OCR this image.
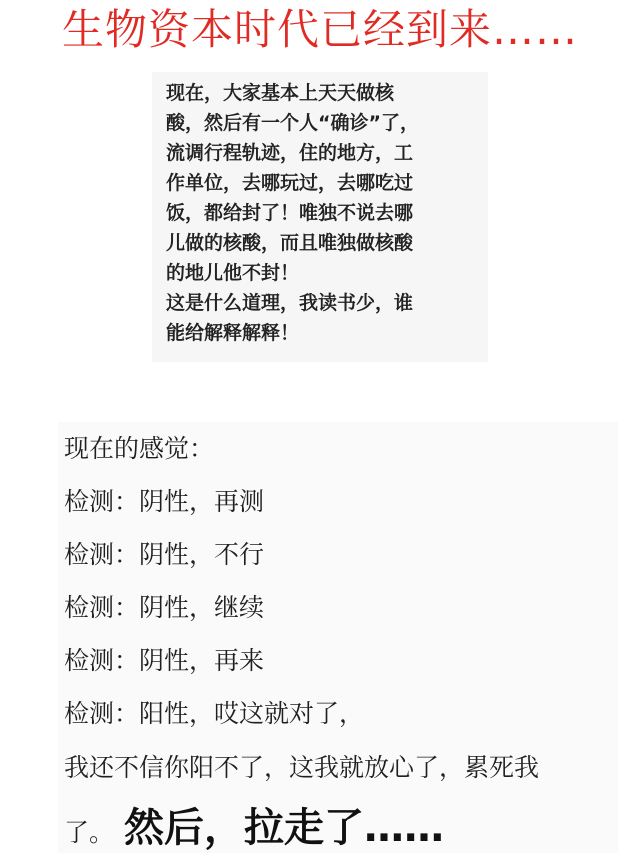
生物资本时代已经到来……
现在，大家基本上天天做核
酸，然后有一个人“确诊”了，
流调行程轨迹，住的地方，工
作单位，去哪玩过，去哪吃过
饭，都给封了！唯独不说去哪
儿做的核酸，而且唯独做核酸
的地儿他不封！
这是什么道理，我读书少，谁
能给解释解释！
现在的感觉：
检测：阴性，再测
检测：阴性，不行
检测：阴性，继续
检测：阴性，再来
检测：阳性，哎这就对了，
我还不信你阳不了，这我就放心了，累死我
了。 然后，拉走了……
